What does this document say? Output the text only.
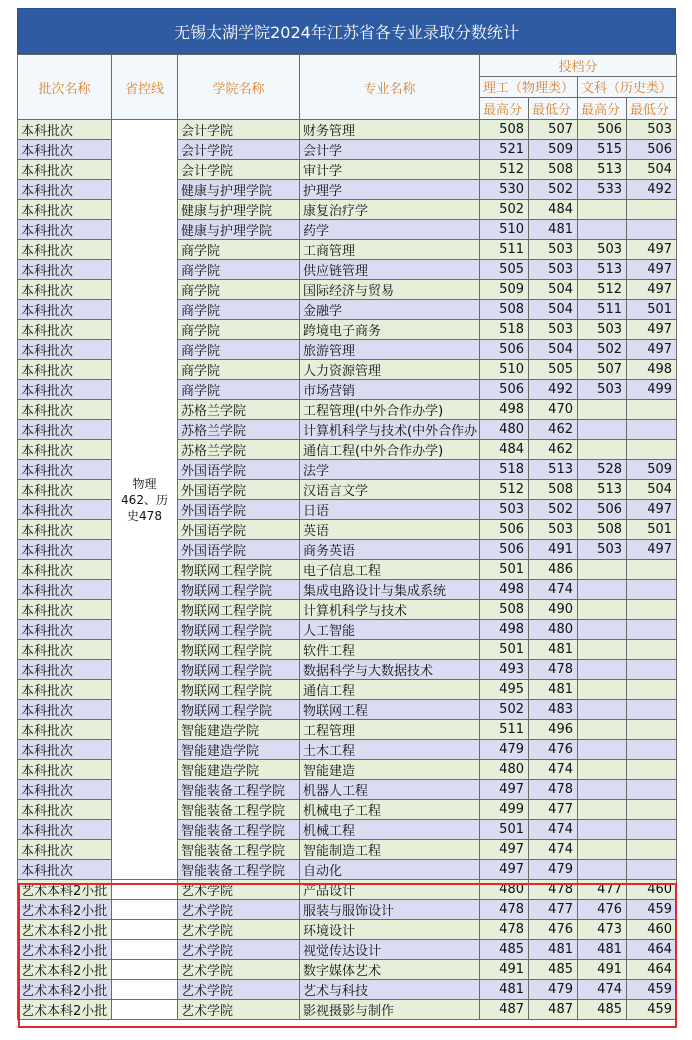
无锡太湖学院2024年江苏省各专业录取分数统计
批次名称	省控线	学院名称	专业名称	投档分			
				理工（物理类）		文科（历史类）	
				最高分	最低分	最高分	最低分
本科批次	物理462、历史478	会计学院	财务管理	508	507	506	503
本科批次		会计学院	会计学	521	509	515	506
本科批次		会计学院	审计学	512	508	513	504
本科批次		健康与护理学院	护理学	530	502	533	492
本科批次		健康与护理学院	康复治疗学	502	484		
本科批次		健康与护理学院	药学	510	481		
本科批次		商学院	工商管理	511	503	503	497
本科批次		商学院	供应链管理	505	503	513	497
本科批次		商学院	国际经济与贸易	509	504	512	497
本科批次		商学院	金融学	508	504	511	501
本科批次		商学院	跨境电子商务	518	503	503	497
本科批次		商学院	旅游管理	506	504	502	497
本科批次		商学院	人力资源管理	510	505	507	498
本科批次		商学院	市场营销	506	492	503	499
本科批次		苏格兰学院	工程管理(中外合作办学)	498	470		
本科批次		苏格兰学院	计算机科学与技术(中外合作办	480	462		
本科批次		苏格兰学院	通信工程(中外合作办学)	484	462		
本科批次		外国语学院	法学	518	513	528	509
本科批次		外国语学院	汉语言文学	512	508	513	504
本科批次		外国语学院	日语	503	502	506	497
本科批次		外国语学院	英语	506	503	508	501
本科批次		外国语学院	商务英语	506	491	503	497
本科批次		物联网工程学院	电子信息工程	501	486		
本科批次		物联网工程学院	集成电路设计与集成系统	498	474		
本科批次		物联网工程学院	计算机科学与技术	508	490		
本科批次		物联网工程学院	人工智能	498	480		
本科批次		物联网工程学院	软件工程	501	481		
本科批次		物联网工程学院	数据科学与大数据技术	493	478		
本科批次		物联网工程学院	通信工程	495	481		
本科批次		物联网工程学院	物联网工程	502	483		
本科批次		智能建造学院	工程管理	511	496		
本科批次		智能建造学院	土木工程	479	476		
本科批次		智能建造学院	智能建造	480	474		
本科批次		智能装备工程学院	机器人工程	497	478		
本科批次		智能装备工程学院	机械电子工程	499	477		
本科批次		智能装备工程学院	机械工程	501	474		
本科批次		智能装备工程学院	智能制造工程	497	474		
本科批次		智能装备工程学院	自动化	497	479		
艺术本科2小批		艺术学院	产品设计	480	478	477	460
艺术本科2小批		艺术学院	服装与服饰设计	478	477	476	459
艺术本科2小批		艺术学院	环境设计	478	476	473	460
艺术本科2小批		艺术学院	视觉传达设计	485	481	481	464
艺术本科2小批		艺术学院	数字媒体艺术	491	485	491	464
艺术本科2小批		艺术学院	艺术与科技	481	479	474	459
艺术本科2小批		艺术学院	影视摄影与制作	487	487	485	459
